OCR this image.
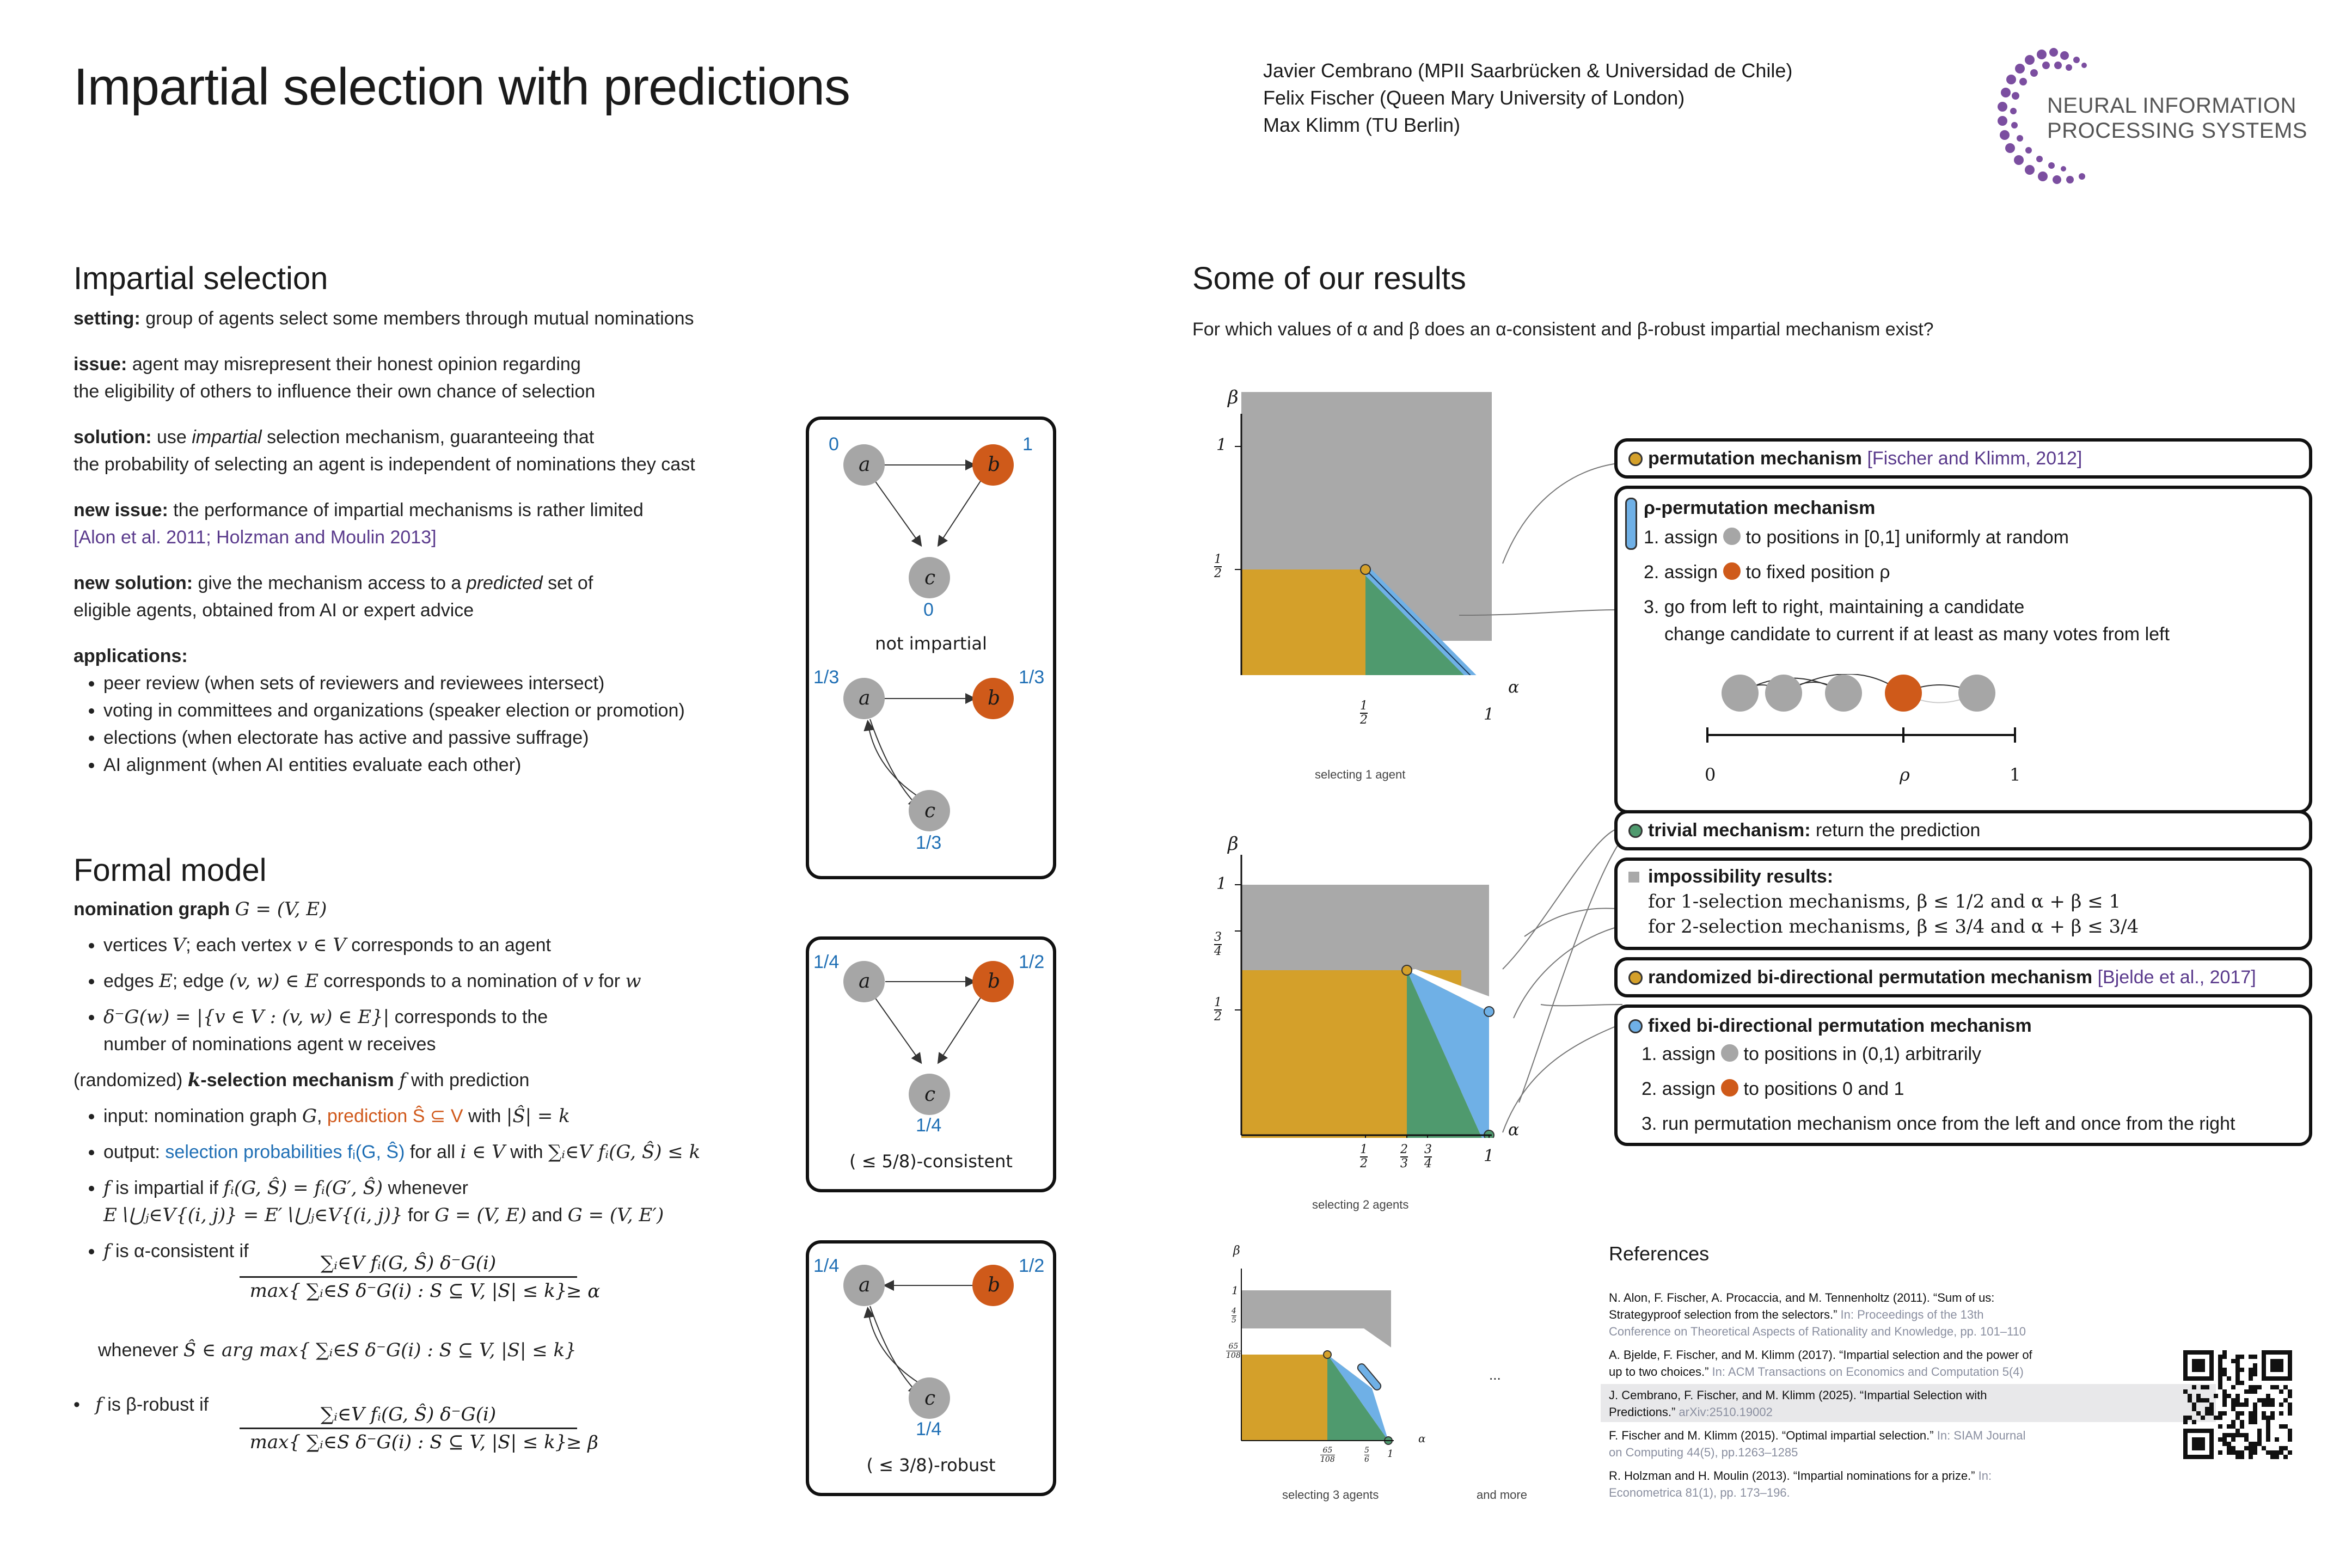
Impartial selection with predictions	Javier Cembrano (MPII Saarbrücken & Universidad de Chile)
Felix Fischer (Queen Mary University of London)
Max Klimm (TU Berlin)
NEURAL INFORMATION
PROCESSING SYSTEMS
Impartial selection
setting: group of agents select some members through mutual nominations
issue: agent may misrepresent their honest opinion regarding
the eligibility of others to influence their own chance of selection
solution: use impartial selection mechanism, guaranteeing that
the probability of selecting an agent is independent of nominations they cast
new issue: the performance of impartial mechanisms is rather limited
[Alon et al. 2011; Holzman and Moulin 2013]
new solution: give the mechanism access to a predicted set of
eligible agents, obtained from AI or expert advice
applications:
• peer review (when sets of reviewers and reviewees intersect)
• voting in committees and organizations (speaker election or promotion)
• elections (when electorate has active and passive suffrage)
• AI alignment (when AI entities evaluate each other)
a	b
c
0	1
0
not impartial
a	b
c
1/3	1/3
1/3
a	b
c
1/4	1/2
1/4
( ≤ 5/8)-consistent
a	b
c
1/4	1/2
1/4
( ≤ 3/8)-robust
Formal model
nomination graph G = (V, E)
• vertices V; each vertex v ∈ V corresponds to an agent
• edges E; edge (v, w) ∈ E corresponds to a nomination of v for w
• δ⁻G(w) = |{v ∈ V : (v, w) ∈ E}| corresponds to the
number of nominations agent w receives
(randomized) k-selection mechanism f with prediction
• input: nomination graph G, prediction Ŝ ⊆ V with |Ŝ| = k
• output: selection probabilities fᵢ(G, Ŝ) for all i ∈ V with ∑ᵢ∈V fᵢ(G, Ŝ) ≤ k
• f is impartial if fᵢ(G, Ŝ) = fᵢ(G′, Ŝ) whenever
E∖⋃ⱼ∈V{(i, j)} = E′∖⋃ⱼ∈V{(i, j)} for G = (V, E) and G = (V, E′)
• f is α-consistent if
∑ᵢ∈V fᵢ(G, Ŝ) δ⁻G(i)
max{ ∑ᵢ∈S δ⁻G(i) : S ⊆ V, |S| ≤ k}
≥ α
whenever Ŝ ∈ arg max{ ∑ᵢ∈S δ⁻G(i) : S ⊆ V, |S| ≤ k}
•   f is β-robust if	∑ᵢ∈V fᵢ(G, Ŝ) δ⁻G(i)
max{ ∑ᵢ∈S δ⁻G(i) : S ⊆ V, |S| ≤ k}
≥ β
Some of our results
For which values of α and β does an α-consistent and β-robust impartial mechanism exist?
β
α
1
1
2
1
2	1
selecting 1 agent
β
α
1
3
4
1
2
1
2
2
3
3
4	1
selecting 2 agents
β
α
1
4
5
65
108
65
108
5
6 1
selecting 3 agents
...
and more
permutation mechanism [Fischer and Klimm, 2012]
ρ-permutation mechanism
1. assign to positions in [0,1] uniformly at random
2. assign to fixed position ρ
3. go from left to right, maintaining a candidate
change candidate to current if at least as many votes from left
0	ρ	1
trivial mechanism: return the prediction
impossibility results:
for 1-selection mechanisms, β ≤ 1/2 and α + β ≤ 1
for 2-selection mechanisms, β ≤ 3/4 and α + β ≤ 3/4
randomized bi-directional permutation mechanism [Bjelde et al., 2017]
fixed bi-directional permutation mechanism
1. assign to positions in (0,1) arbitrarily
2. assign to positions 0 and 1
3. run permutation mechanism once from the left and once from the right
References
N. Alon, F. Fischer, A. Procaccia, and M. Tennenholtz (2011). “Sum of us:
Strategyproof selection from the selectors.” In: Proceedings of the 13th
Conference on Theoretical Aspects of Rationality and Knowledge, pp. 101–110
A. Bjelde, F. Fischer, and M. Klimm (2017). “Impartial selection and the power of
up to two choices.” In: ACM Transactions on Economics and Computation 5(4)
J. Cembrano, F. Fischer, and M. Klimm (2025). “Impartial Selection with
Predictions.” arXiv:2510.19002
F. Fischer and M. Klimm (2015). “Optimal impartial selection.” In: SIAM Journal
on Computing 44(5), pp.1263–1285
R. Holzman and H. Moulin (2013). “Impartial nominations for a prize.” In:
Econometrica 81(1), pp. 173–196.
